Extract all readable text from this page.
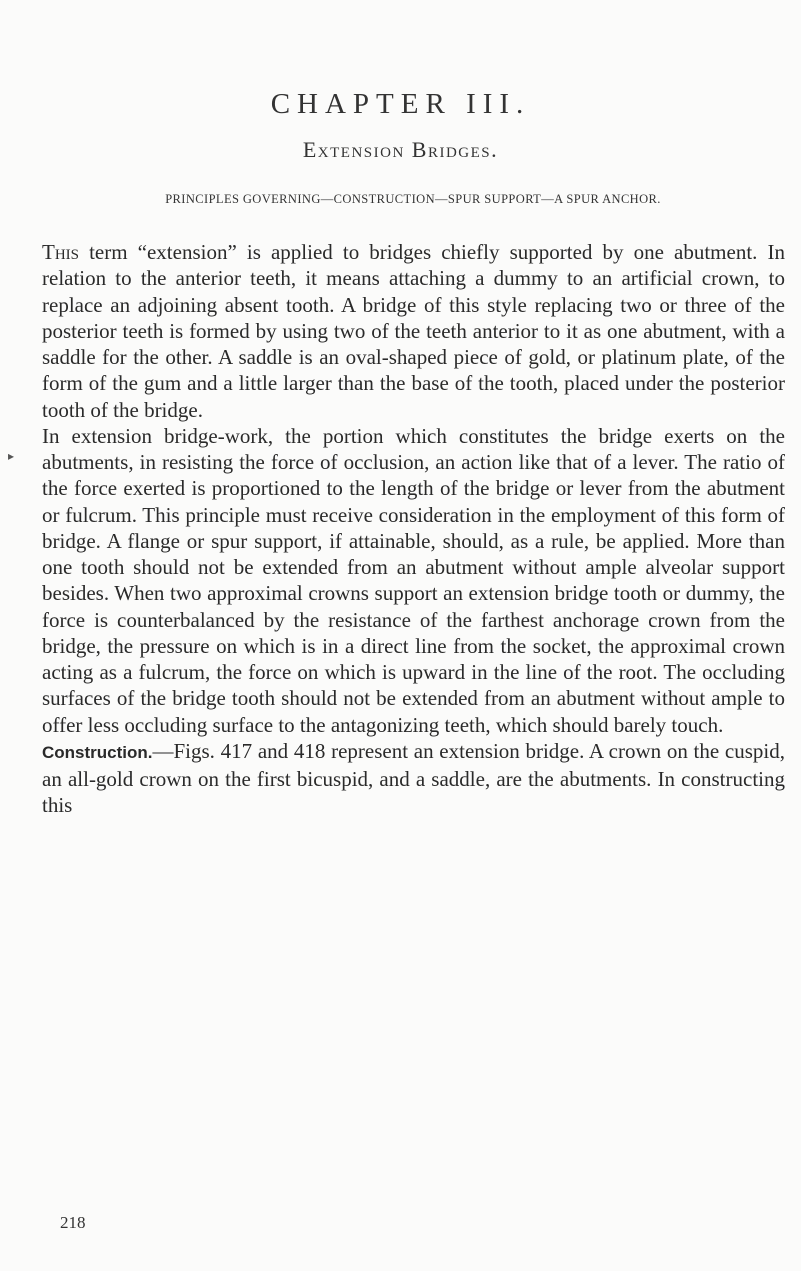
CHAPTER III.
Extension Bridges.
PRINCIPLES GOVERNING—CONSTRUCTION—SPUR SUPPORT—A SPUR ANCHOR.
▸

This term “extension” is applied to bridges chiefly supported by one abutment. In relation to the anterior teeth, it means attaching a dummy to an artificial crown, to replace an adjoining absent tooth. A bridge of this style replacing two or three of the posterior teeth is formed by using two of the teeth anterior to it as one abutment, with a saddle for the other. A saddle is an oval-shaped piece of gold, or platinum plate, of the form of the gum and a little larger than the base of the tooth, placed under the posterior tooth of the bridge.

In extension bridge-work, the portion which constitutes the bridge exerts on the abutments, in resisting the force of occlusion, an action like that of a lever. The ratio of the force exerted is proportioned to the length of the bridge or lever from the abutment or fulcrum. This principle must receive consideration in the employment of this form of bridge. A flange or spur support, if attainable, should, as a rule, be applied. More than one tooth should not be extended from an abutment without ample alveolar support besides. When two approximal crowns support an extension bridge tooth or dummy, the force is counterbalanced by the resistance of the farthest anchorage crown from the bridge, the pressure on which is in a direct line from the socket, the approximal crown acting as a fulcrum, the force on which is upward in the line of the root. The occluding surfaces of the bridge tooth should not be extended from an abutment without ample to offer less occluding surface to the antagonizing teeth, which should barely touch.

Construction.—Figs. 417 and 418 represent an extension bridge. A crown on the cuspid, an all-gold crown on the first bicuspid, and a saddle, are the abutments. In constructing this

218
